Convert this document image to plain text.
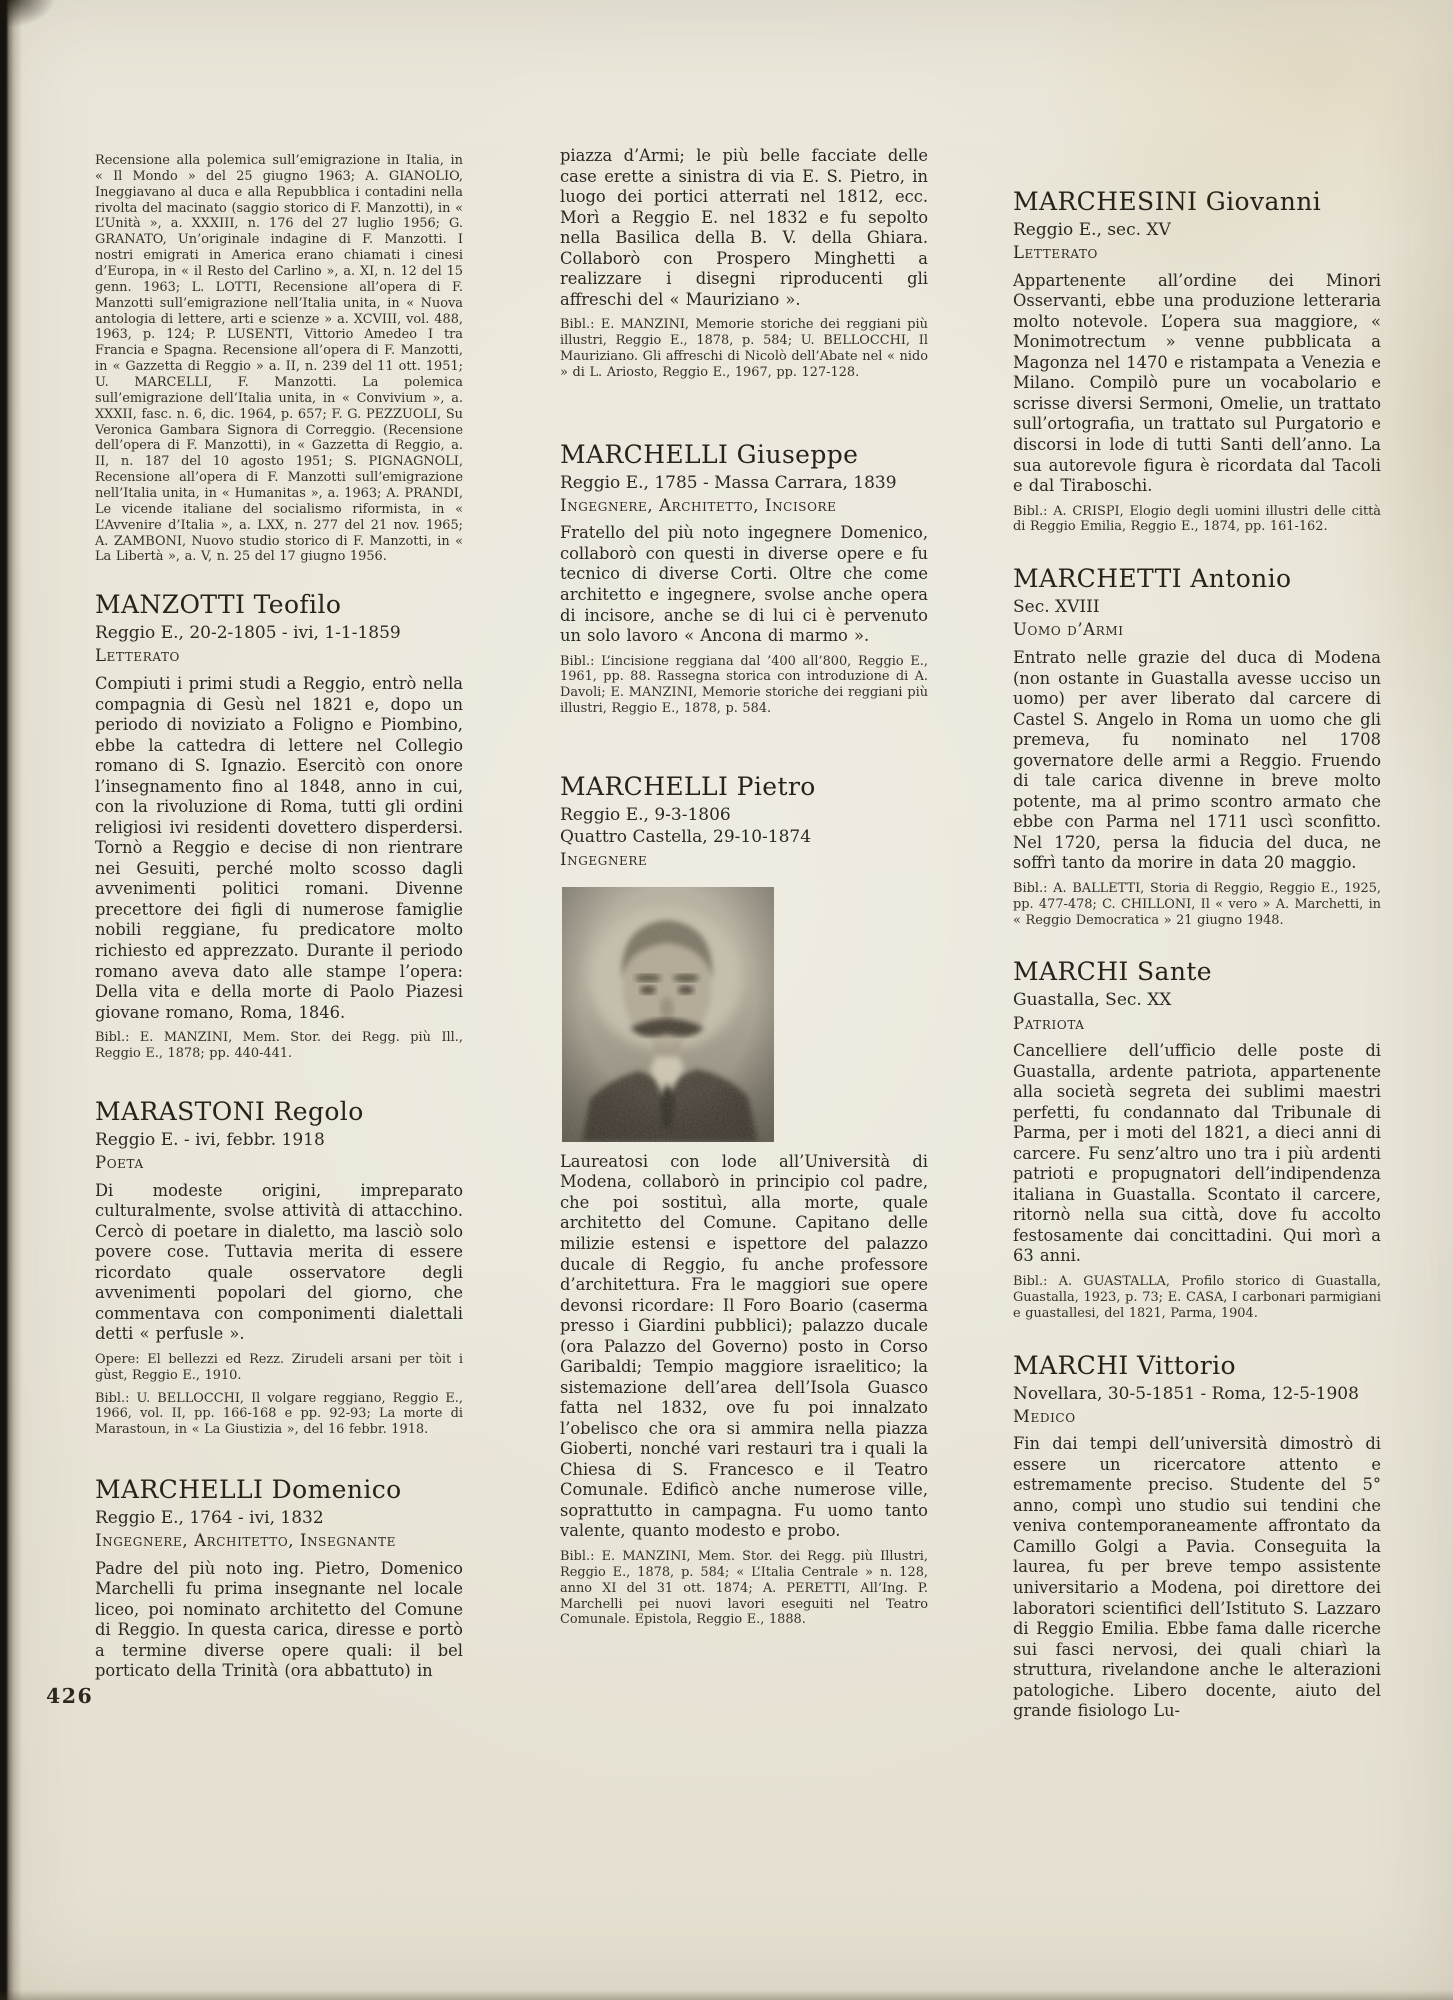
Recensione alla polemica sull’emigrazione in Italia, in « Il Mondo » del 25 giugno 1963; A. GIANOLIO, Ineggiavano al duca e alla Repubblica i contadini nella rivolta del macinato (saggio storico di F. Manzotti), in « L’Unità », a. XXXIII, n. 176 del 27 luglio 1956; G. GRANATO, Un’originale indagine di F. Manzotti. I nostri emigrati in America erano chiamati i cinesi d’Europa, in « il Resto del Carlino », a. XI, n. 12 del 15 genn. 1963; L. LOTTI, Recensione all’opera di F. Manzotti sull’emigrazione nell’Italia unita, in « Nuova antologia di lettere, arti e scienze » a. XCVIII, vol. 488, 1963, p. 124; P. LUSENTI, Vittorio Amedeo I tra Francia e Spagna. Recensione all’opera di F. Manzotti, in « Gazzetta di Reggio » a. II, n. 239 del 11 ott. 1951; U. MARCELLI, F. Manzotti. La polemica sull’emigrazione dell’Italia unita, in « Convivium », a. XXXII, fasc. n. 6, dic. 1964, p. 657; F. G. PEZZUOLI, Su Veronica Gambara Signora di Correggio. (Recensione dell’opera di F. Manzotti), in « Gazzetta di Reggio, a. II, n. 187 del 10 agosto 1951; S. PIGNAGNOLI, Recensione all’opera di F. Manzotti sull’emigrazione nell’Italia unita, in « Humanitas », a. 1963; A. PRANDI, Le vicende italiane del socialismo riformista, in « L’Avvenire d’Italia », a. LXX, n. 277 del 21 nov. 1965; A. ZAMBONI, Nuovo studio storico di F. Manzotti, in « La Libertà », a. V, n. 25 del 17 giugno 1956.

MANZOTTI Teofilo

Reggio E., 20-2-1805 - ivi, 1-1-1859

Letterato

Compiuti i primi studi a Reggio, entrò nella compagnia di Gesù nel 1821 e, dopo un periodo di noviziato a Foligno e Piombino, ebbe la cattedra di lettere nel Collegio romano di S. Ignazio. Esercitò con onore l’insegnamento fino al 1848, anno in cui, con la rivoluzione di Roma, tutti gli ordini religiosi ivi residenti dovettero disperdersi. Tornò a Reggio e decise di non rientrare nei Gesuiti, perché molto scosso dagli avvenimenti politici romani. Divenne precettore dei figli di numerose famiglie nobili reggiane, fu predicatore molto richiesto ed apprezzato. Durante il periodo romano aveva dato alle stampe l’opera: Della vita e della morte di Paolo Piazesi giovane romano, Roma, 1846.

Bibl.: E. MANZINI, Mem. Stor. dei Regg. più Ill., Reggio E., 1878; pp. 440-441.

MARASTONI Regolo

Reggio E. - ivi, febbr. 1918

Poeta

Di modeste origini, impreparato culturalmente, svolse attività di attacchino. Cercò di poetare in dialetto, ma lasciò solo povere cose. Tuttavia merita di essere ricordato quale osservatore degli avvenimenti popolari del giorno, che commentava con componimenti dialettali detti « perfusle ».

Opere: El bellezzi ed Rezz. Zirudeli arsani per tòit i gùst, Reggio E., 1910.

Bibl.: U. BELLOCCHI, Il volgare reggiano, Reggio E., 1966, vol. II, pp. 166-168 e pp. 92-93; La morte di Marastoun, in « La Giustizia », del 16 febbr. 1918.

MARCHELLI Domenico

Reggio E., 1764 - ivi, 1832

Ingegnere, Architetto, Insegnante

Padre del più noto ing. Pietro, Domenico Marchelli fu prima insegnante nel locale liceo, poi nominato architetto del Comune di Reggio. In questa carica, diresse e portò a termine diverse opere quali: il bel porticato della Trinità (ora abbattuto) in

piazza d’Armi; le più belle facciate delle case erette a sinistra di via E. S. Pietro, in luogo dei portici atterrati nel 1812, ecc. Morì a Reggio E. nel 1832 e fu sepolto nella Basilica della B. V. della Ghiara. Collaborò con Prospero Minghetti a realizzare i disegni riproducenti gli affreschi del « Mauriziano ».

Bibl.: E. MANZINI, Memorie storiche dei reggiani più illustri, Reggio E., 1878, p. 584; U. BELLOCCHI, Il Mauriziano. Gli affreschi di Nicolò dell’Abate nel « nido » di L. Ariosto, Reggio E., 1967, pp. 127-128.

MARCHELLI Giuseppe

Reggio E., 1785 - Massa Carrara, 1839

Ingegnere, Architetto, Incisore

Fratello del più noto ingegnere Domenico, collaborò con questi in diverse opere e fu tecnico di diverse Corti. Oltre che come architetto e ingegnere, svolse anche opera di incisore, anche se di lui ci è pervenuto un solo lavoro « Ancona di marmo ».

Bibl.: L’incisione reggiana dal ’400 all’800, Reggio E., 1961, pp. 88. Rassegna storica con introduzione di A. Davoli; E. MANZINI, Memorie storiche dei reggiani più illustri, Reggio E., 1878, p. 584.

MARCHELLI Pietro

Reggio E., 9-3-1806

Quattro Castella, 29-10-1874

Ingegnere

Laureatosi con lode all’Università di Modena, collaborò in principio col padre, che poi sostituì, alla morte, quale architetto del Comune. Capitano delle milizie estensi e ispettore del palazzo ducale di Reggio, fu anche professore d’architettura. Fra le maggiori sue opere devonsi ricordare: Il Foro Boario (caserma presso i Giardini pubblici); palazzo ducale (ora Palazzo del Governo) posto in Corso Garibaldi; Tempio maggiore israelitico; la sistemazione dell’area dell’Isola Guasco fatta nel 1832, ove fu poi innalzato l’obelisco che ora si ammira nella piazza Gioberti, nonché vari restauri tra i quali la Chiesa di S. Francesco e il Teatro Comunale. Edificò anche numerose ville, soprattutto in campagna. Fu uomo tanto valente, quanto modesto e probo.

Bibl.: E. MANZINI, Mem. Stor. dei Regg. più Illustri, Reggio E., 1878, p. 584; « L’Italia Centrale » n. 128, anno XI del 31 ott. 1874; A. PERETTI, All’Ing. P. Marchelli pei nuovi lavori eseguiti nel Teatro Comunale. Epistola, Reggio E., 1888.

MARCHESINI Giovanni

Reggio E., sec. XV

Letterato

Appartenente all’ordine dei Minori Osservanti, ebbe una produzione letteraria molto notevole. L’opera sua maggiore, « Monimotrectum » venne pubblicata a Magonza nel 1470 e ristampata a Venezia e Milano. Compilò pure un vocabolario e scrisse diversi Sermoni, Omelie, un trattato sull’ortografia, un trattato sul Purgatorio e discorsi in lode di tutti Santi dell’anno. La sua autorevole figura è ricordata dal Tacoli e dal Tiraboschi.

Bibl.: A. CRISPI, Elogio degli uomini illustri delle città di Reggio Emilia, Reggio E., 1874, pp. 161-162.

MARCHETTI Antonio

Sec. XVIII

Uomo d’Armi

Entrato nelle grazie del duca di Modena (non ostante in Guastalla avesse ucciso un uomo) per aver liberato dal carcere di Castel S. Angelo in Roma un uomo che gli premeva, fu nominato nel 1708 governatore delle armi a Reggio. Fruendo di tale carica divenne in breve molto potente, ma al primo scontro armato che ebbe con Parma nel 1711 uscì sconfitto. Nel 1720, persa la fiducia del duca, ne soffrì tanto da morire in data 20 maggio.

Bibl.: A. BALLETTI, Storia di Reggio, Reggio E., 1925, pp. 477-478; C. CHILLONI, Il « vero » A. Marchetti, in « Reggio Democratica » 21 giugno 1948.

MARCHI Sante

Guastalla, Sec. XX

Patriota

Cancelliere dell’ufficio delle poste di Guastalla, ardente patriota, appartenente alla società segreta dei sublimi maestri perfetti, fu condannato dal Tribunale di Parma, per i moti del 1821, a dieci anni di carcere. Fu senz’altro uno tra i più ardenti patrioti e propugnatori dell’indipendenza italiana in Guastalla. Scontato il carcere, ritornò nella sua città, dove fu accolto festosamente dai concittadini. Qui morì a 63 anni.

Bibl.: A. GUASTALLA, Profilo storico di Guastalla, Guastalla, 1923, p. 73; E. CASA, I carbonari parmigiani e guastallesi, del 1821, Parma, 1904.

MARCHI Vittorio

Novellara, 30-5-1851 - Roma, 12-5-1908

Medico

Fin dai tempi dell’università dimostrò di essere un ricercatore attento e estremamente preciso. Studente del 5° anno, compì uno studio sui tendini che veniva contemporaneamente affrontato da Camillo Golgi a Pavia. Conseguita la laurea, fu per breve tempo assistente universitario a Modena, poi direttore dei laboratori scientifici dell’Istituto S. Lazzaro di Reggio Emilia. Ebbe fama dalle ricerche sui fasci nervosi, dei quali chiarì la struttura, rivelandone anche le alterazioni patologiche. Libero docente, aiuto del grande fisiologo Lu-

426
